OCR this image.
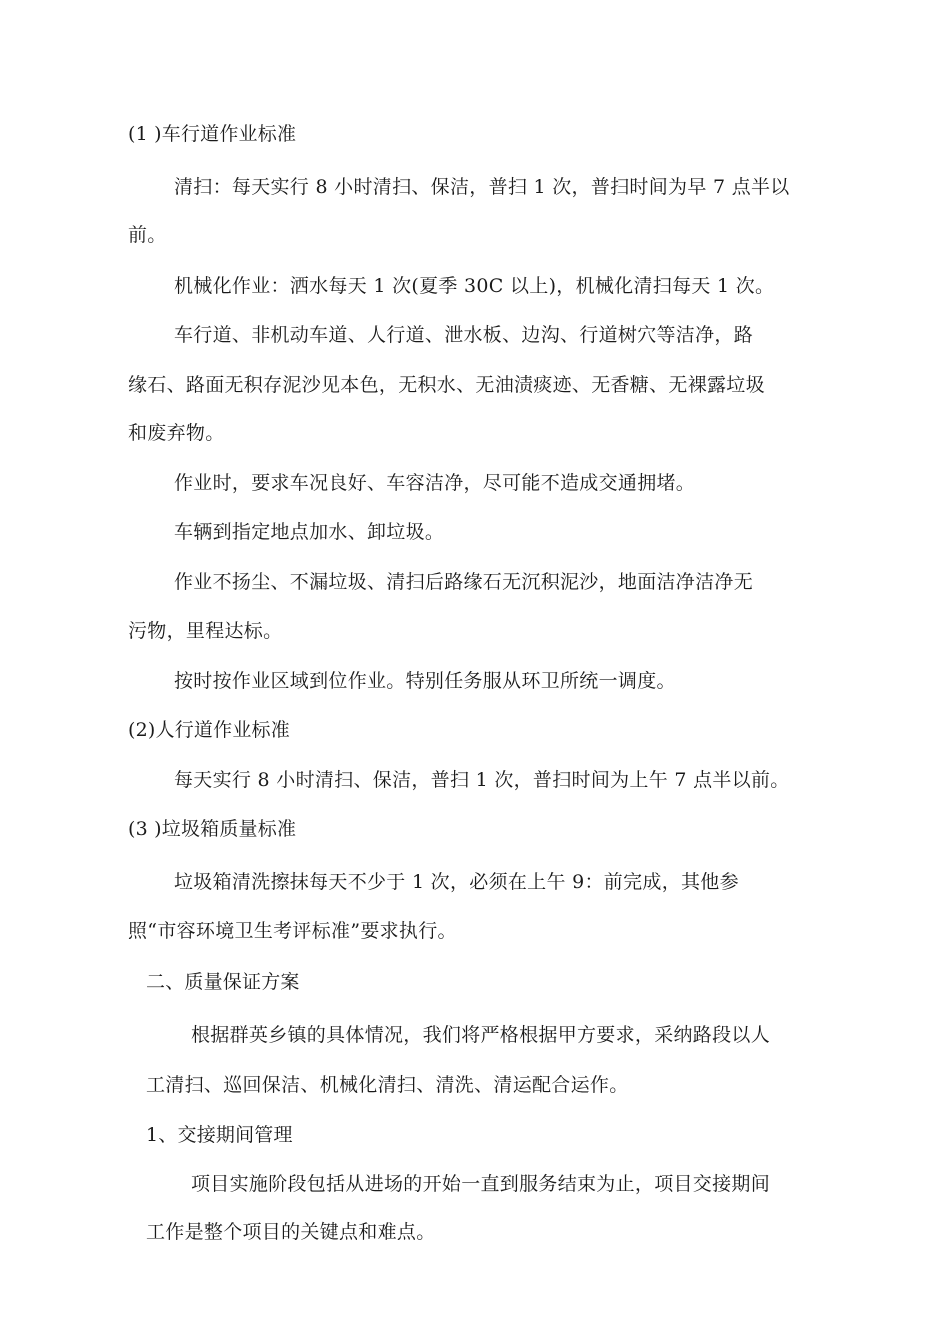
(1 )车行道作业标准
清扫：每天实行 8 小时清扫、保洁，普扫 1 次，普扫时间为早 7 点半以
前。
机械化作业：洒水每天 1 次(夏季 30C 以上)，机械化清扫每天 1 次。
车行道、非机动车道、人行道、泄水板、边沟、行道树穴等洁净，路
缘石、路面无积存泥沙见本色，无积水、无油渍痰迹、无香糖、无裸露垃圾
和废弃物。
作业时，要求车况良好、车容洁净，尽可能不造成交通拥堵。
车辆到指定地点加水、卸垃圾。
作业不扬尘、不漏垃圾、清扫后路缘石无沉积泥沙，地面洁净洁净无
污物，里程达标。
按时按作业区域到位作业。特别任务服从环卫所统一调度。
(2)人行道作业标准
每天实行 8 小时清扫、保洁，普扫 1 次，普扫时间为上午 7 点半以前。
(3 )垃圾箱质量标准
垃圾箱清洗擦抹每天不少于 1 次，必须在上午 9：前完成，其他参
照“市容环境卫生考评标准”要求执行。
二、质量保证方案
根据群英乡镇的具体情况，我们将严格根据甲方要求，采纳路段以人
工清扫、巡回保洁、机械化清扫、清洗、清运配合运作。
1、交接期间管理
项目实施阶段包括从进场的开始一直到服务结束为止，项目交接期间
工作是整个项目的关键点和难点。
